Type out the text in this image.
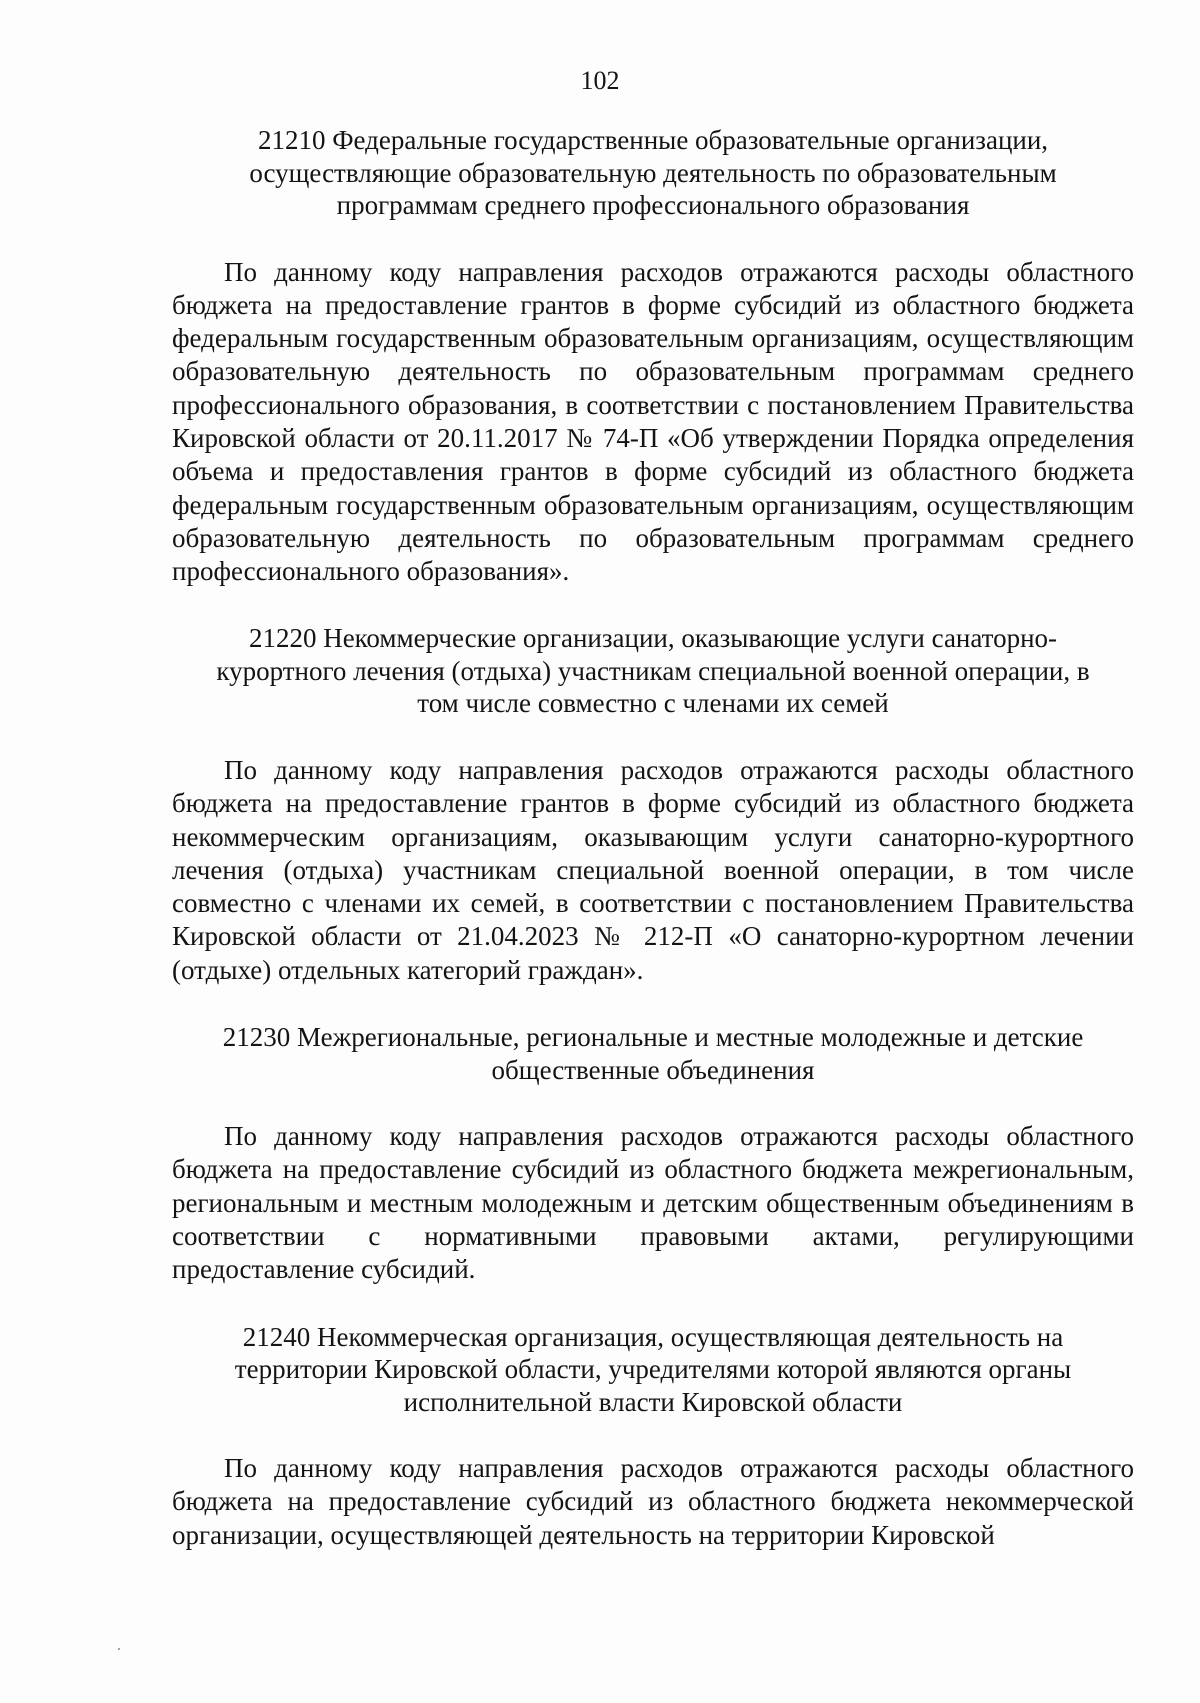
102

21210 Федеральные государственные образовательные организации, осуществляющие образовательную деятельность по образовательным программам среднего профессионального образования

По данному коду направления расходов отражаются расходы областного бюджета на предоставление грантов в форме субсидий из областного бюджета федеральным государственным образовательным организациям, осуществляющим образовательную деятельность по образовательным программам среднего профессионального образования, в соответствии с постановлением Правительства Кировской области от 20.11.2017 № 74-П «Об утверждении Порядка определения объема и предоставления грантов в форме субсидий из областного бюджета федеральным государственным образовательным организациям, осуществляющим образовательную деятельность по образовательным программам среднего профессионального образования».

21220 Некоммерческие организации, оказывающие услуги санаторно-курортного лечения (отдыха) участникам специальной военной операции, в том числе совместно с членами их семей

По данному коду направления расходов отражаются расходы областного бюджета на предоставление грантов в форме субсидий из областного бюджета некоммерческим организациям, оказывающим услуги санаторно-курортного лечения (отдыха) участникам специальной военной операции, в том числе совместно с членами их семей, в соответствии с постановлением Правительства Кировской области от 21.04.2023 № 212-П «О санаторно-курортном лечении (отдыхе) отдельных категорий граждан».

21230 Межрегиональные, региональные и местные молодежные и детские общественные объединения

По данному коду направления расходов отражаются расходы областного бюджета на предоставление субсидий из областного бюджета межрегиональным, региональным и местным молодежным и детским общественным объединениям в соответствии с нормативными правовыми актами, регулирующими предоставление субсидий.

21240 Некоммерческая организация, осуществляющая деятельность на территории Кировской области, учредителями которой являются органы исполнительной власти Кировской области

По данному коду направления расходов отражаются расходы областного бюджета на предоставление субсидий из областного бюджета некоммерческой организации, осуществляющей деятельность на территории Кировской
